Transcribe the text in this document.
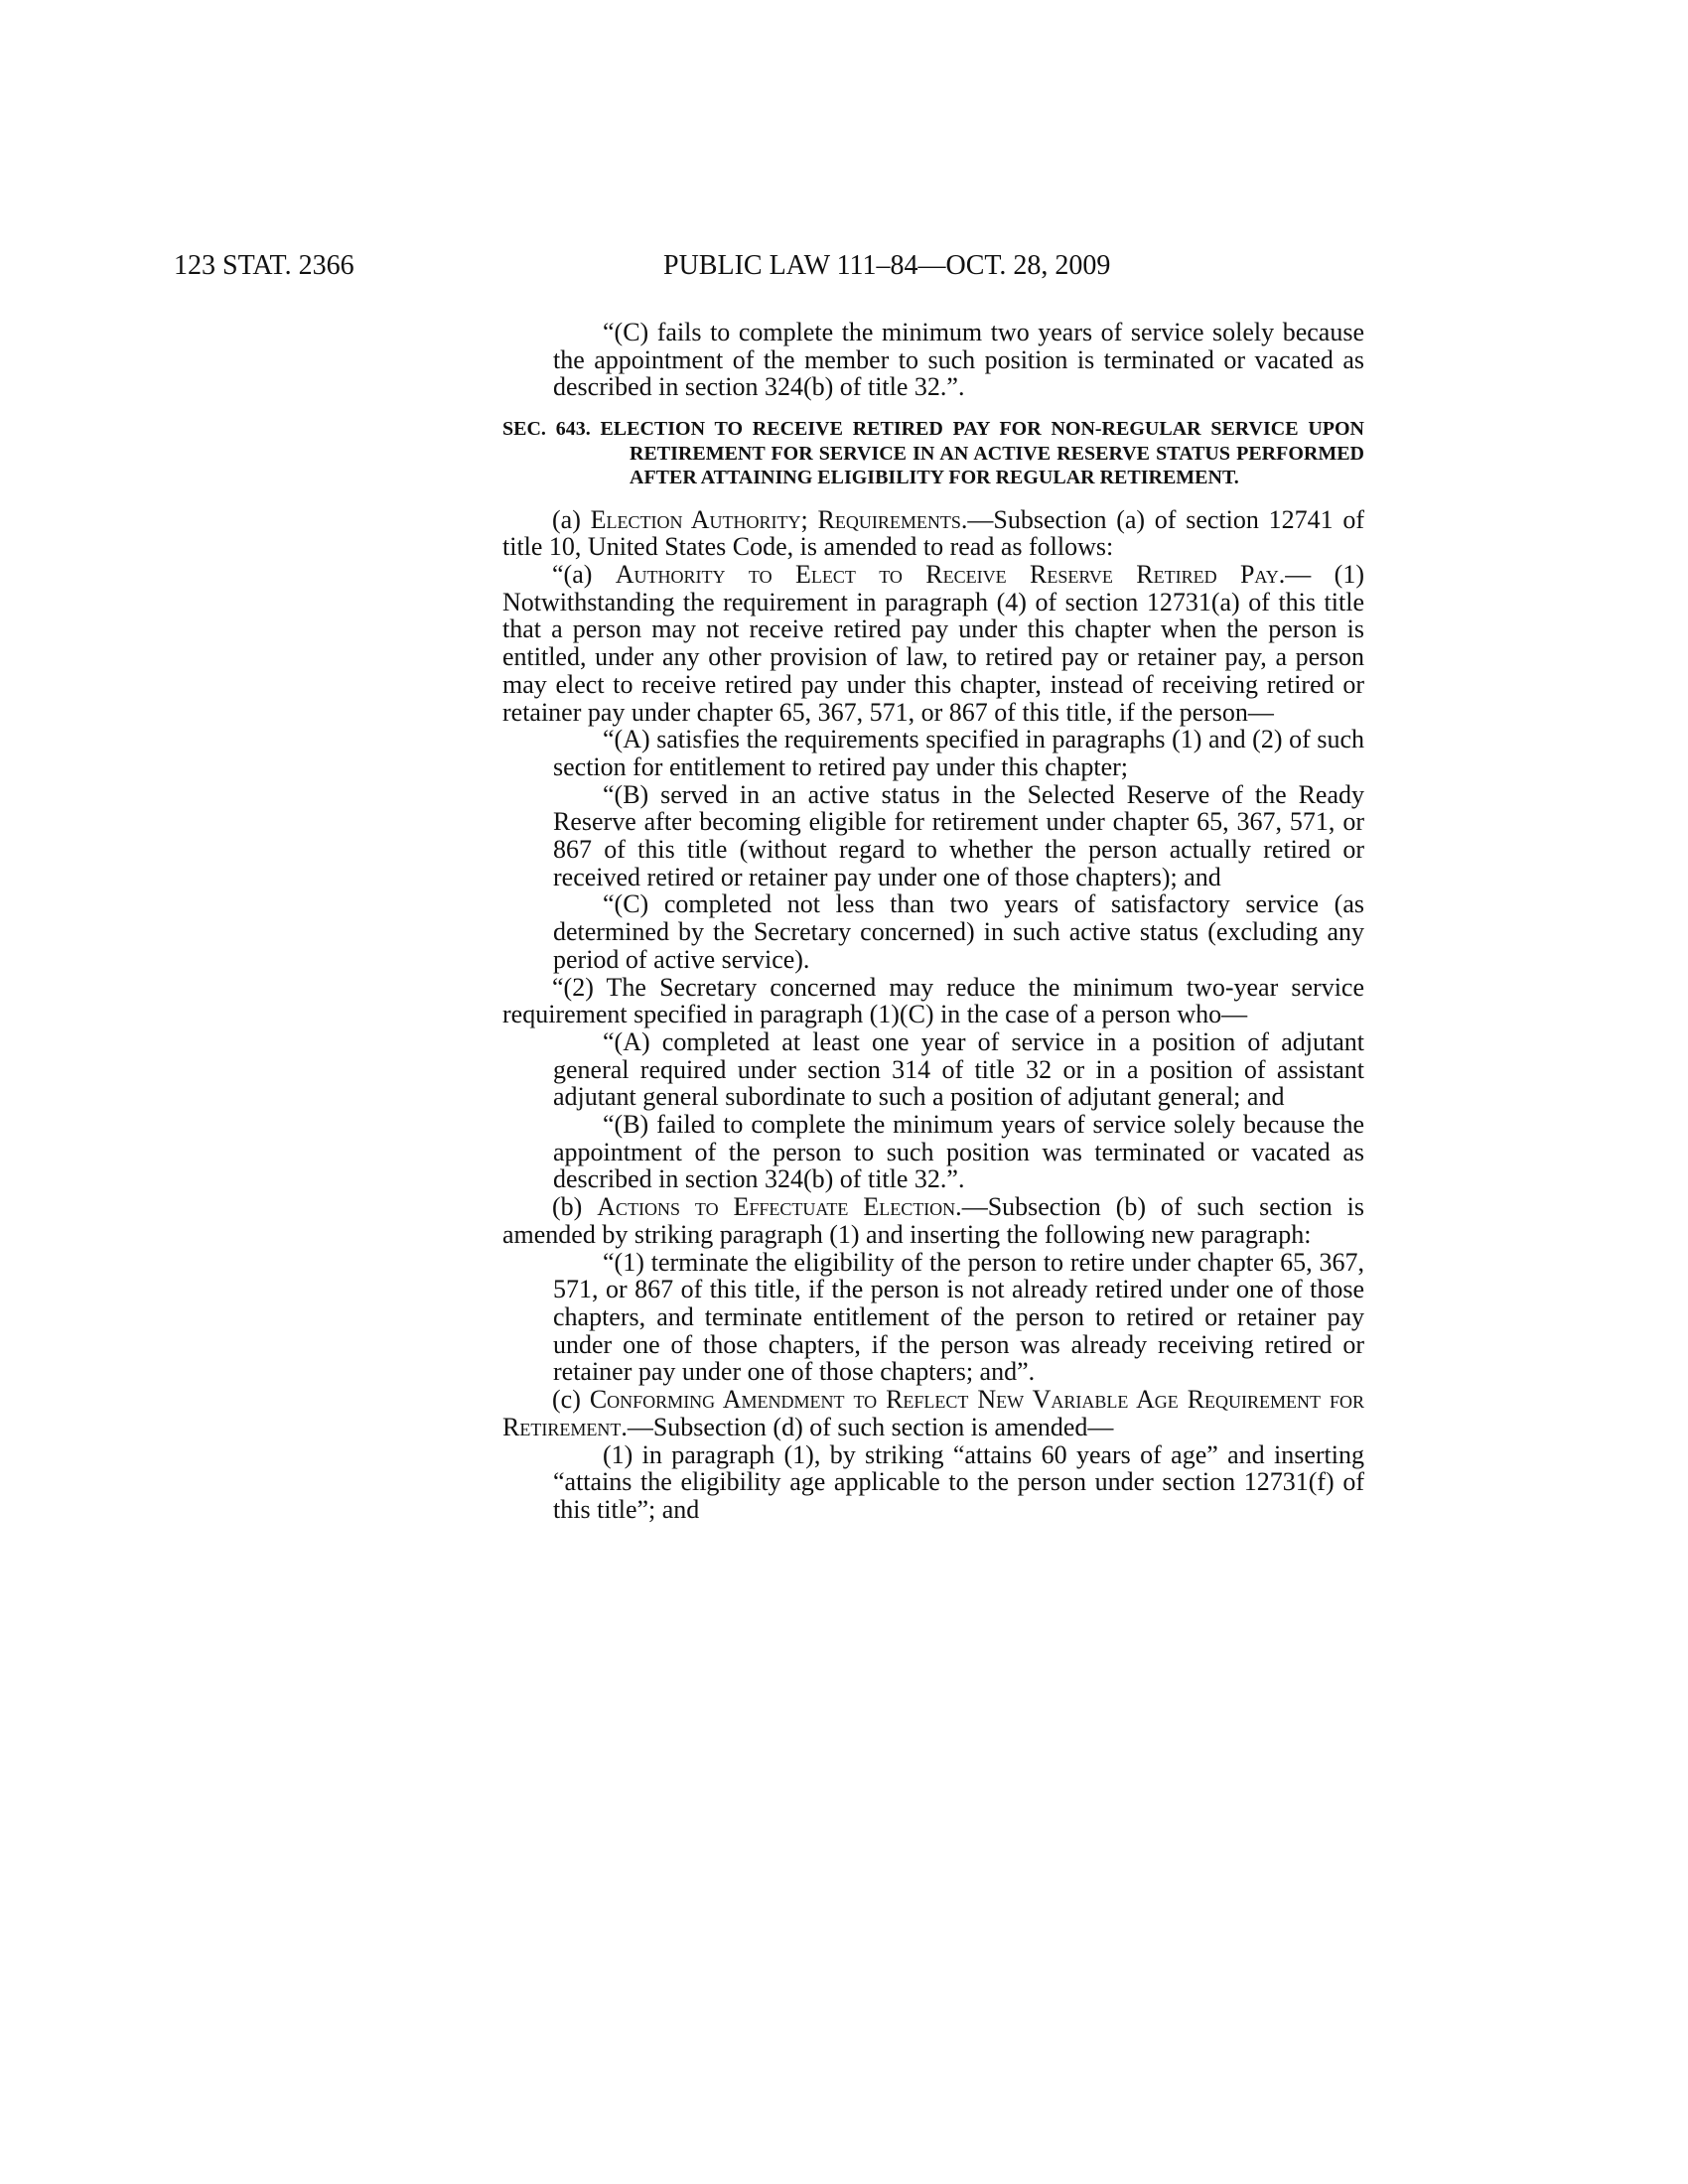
123 STAT. 2366	PUBLIC LAW 111–84—OCT. 28, 2009

“(C) fails to complete the minimum two years of service solely because the appointment of the member to such position is terminated or vacated as described in section 324(b) of title 32.”.

SEC. 643. ELECTION TO RECEIVE RETIRED PAY FOR NON-REGULAR SERVICE UPON RETIREMENT FOR SERVICE IN AN ACTIVE RESERVE STATUS PERFORMED AFTER ATTAINING ELIGIBILITY FOR REGULAR RETIREMENT.

(a) Election Authority; Requirements.—Subsection (a) of section 12741 of title 10, United States Code, is amended to read as follows:

“(a) Authority to Elect to Receive Reserve Retired Pay.— (1) Notwithstanding the requirement in paragraph (4) of section 12731(a) of this title that a person may not receive retired pay under this chapter when the person is entitled, under any other provision of law, to retired pay or retainer pay, a person may elect to receive retired pay under this chapter, instead of receiving retired or retainer pay under chapter 65, 367, 571, or 867 of this title, if the person—

“(A) satisfies the requirements specified in paragraphs (1) and (2) of such section for entitlement to retired pay under this chapter;

“(B) served in an active status in the Selected Reserve of the Ready Reserve after becoming eligible for retirement under chapter 65, 367, 571, or 867 of this title (without regard to whether the person actually retired or received retired or retainer pay under one of those chapters); and

“(C) completed not less than two years of satisfactory service (as determined by the Secretary concerned) in such active status (excluding any period of active service).

“(2) The Secretary concerned may reduce the minimum two-year service requirement specified in paragraph (1)(C) in the case of a person who—

“(A) completed at least one year of service in a position of adjutant general required under section 314 of title 32 or in a position of assistant adjutant general subordinate to such a position of adjutant general; and

“(B) failed to complete the minimum years of service solely because the appointment of the person to such position was terminated or vacated as described in section 324(b) of title 32.”.

(b) Actions to Effectuate Election.—Subsection (b) of such section is amended by striking paragraph (1) and inserting the following new paragraph:

“(1) terminate the eligibility of the person to retire under chapter 65, 367, 571, or 867 of this title, if the person is not already retired under one of those chapters, and terminate entitlement of the person to retired or retainer pay under one of those chapters, if the person was already receiving retired or retainer pay under one of those chapters; and”.

(c) Conforming Amendment to Reflect New Variable Age Requirement for Retirement.—Subsection (d) of such section is amended—

(1) in paragraph (1), by striking “attains 60 years of age” and inserting “attains the eligibility age applicable to the person under section 12731(f) of this title”; and
